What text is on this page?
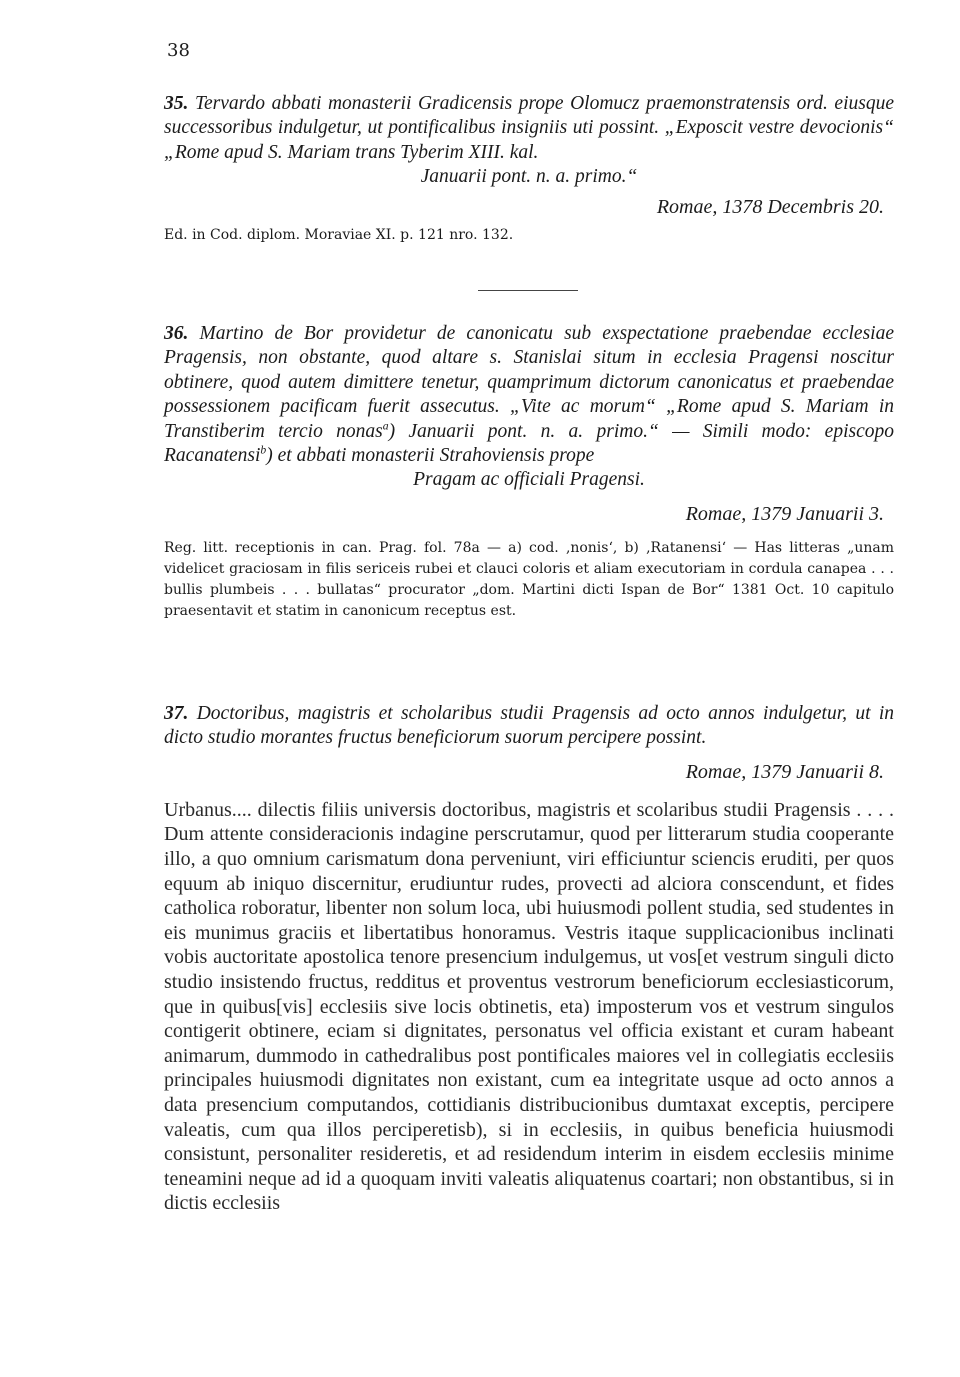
38
35. Tervardo abbati monasterii Gradicensis prope Olomucz praemonstratensis ord. eiusque successoribus indulgetur, ut pontificalibus insigniis uti possint. „Exposcit vestre devocionis“ „Rome apud S. Mariam trans Tyberim XIII. kal.
Januarii pont. n. a. primo.“
Romae, 1378 Decembris 20.
Ed. in Cod. diplom. Moraviae XI. p. 121 nro. 132.
36. Martino de Bor providetur de canonicatu sub exspectatione praebendae ecclesiae Pragensis, non obstante, quod altare s. Stanislai situm in ecclesia Pragensi noscitur obtinere, quod autem dimittere tenetur, quamprimum dictorum canonicatus et praebendae possessionem pacificam fuerit assecutus. „Vite ac morum“ „Rome apud S. Mariam in Transtiberim tercio nonas$^a$) Januarii pont. n. a. primo.“ — Simili modo: episcopo Racanatensi$^b$) et abbati monasterii Strahoviensis prope
Pragam ac officiali Pragensi.
Romae, 1379 Januarii 3.
Reg. litt. receptionis in can. Prag. fol. 78a — a) cod. ‚nonis‘, b) ‚Ratanensi‘ — Has litteras „unam videlicet graciosam in filis sericeis rubei et clauci coloris et aliam executoriam in cordula canapea . . . bullis plumbeis . . . bullatas“ procurator „dom. Martini dicti Ispan de Bor“ 1381 Oct. 10 capitulo praesentavit et statim in canonicum receptus est.
37. Doctoribus, magistris et scholaribus studii Pragensis ad octo annos indulgetur, ut in dicto studio morantes fructus beneficiorum suorum percipere possint.
Romae, 1379 Januarii 8.
Urbanus.... dilectis filiis universis doctoribus, magistris et scolaribus studii Pragensis . . . . Dum attente consideracionis indagine perscrutamur, quod per litterarum studia cooperante illo, a quo omnium carismatum dona perveniunt, viri efficiuntur sciencis eruditi, per quos equum ab iniquo discernitur, erudiuntur rudes, provecti ad alciora conscendunt, et fides catholica roboratur, libenter non solum loca, ubi huiusmodi pollent studia, sed studentes in eis munimus graciis et libertatibus honoramus. Vestris itaque supplicacionibus inclinati vobis auctoritate apostolica tenore presencium indulgemus, ut vos[et vestrum singuli dicto studio insistendo fructus, redditus et proventus vestrorum beneficiorum ecclesiasticorum, que in quibus[vis] ecclesiis sive locis obtinetis, eta) imposterum vos et vestrum singulos contigerit obtinere, eciam si dignitates, personatus vel officia existant et curam habeant animarum, dummodo in cathedralibus post pontificales maiores vel in collegiatis ecclesiis principales huiusmodi dignitates non existant, cum ea integritate usque ad octo annos a data presencium computandos, cottidianis distribucionibus dumtaxat exceptis, percipere valeatis, cum qua illos perciperetisb), si in ecclesiis, in quibus beneficia huiusmodi consistunt, personaliter resideretis, et ad residendum interim in eisdem ecclesiis minime teneamini neque ad id a quoquam inviti valeatis aliquatenus coartari; non obstantibus, si in dictis ecclesiis
